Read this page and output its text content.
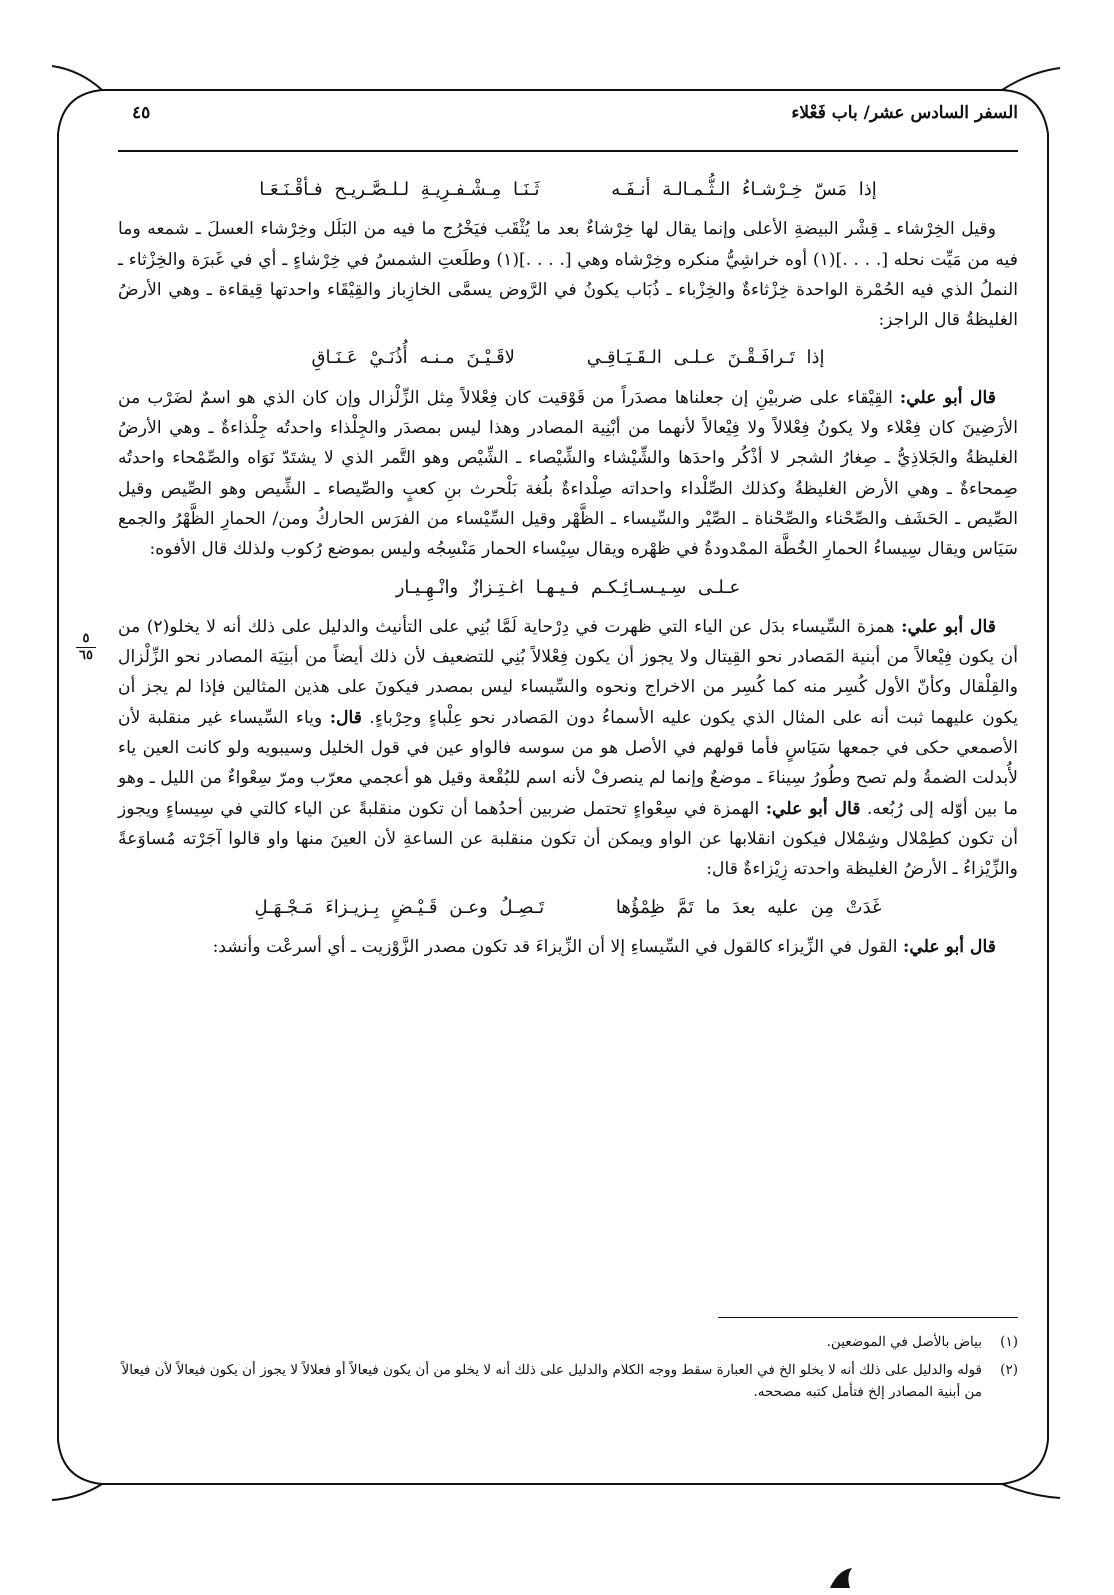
السفر السادس عشر/ باب فَعْلاء
٤٥

إذا مَسّ خِـرْشـاءُ الـثُّـمـالـة أنـفَـه ثَـنَـا مِـشْـفـرِيـةِ لـلـصَّـريـح فـأقْـنَـعَـا

وقيل الخِرْشاء ـ قِشْر البيضةِ الأعلى وإنما يقال لها خِرْشاءٌ بعد ما يُثْقَب فيَخْرُج ما فيه من البَلَل وخِرْشاء العسلَ ـ شمعه وما فيه من مَيِّت نحله [. . . .](١) أوه خراشِيُّ منكره وخِرْشاه وهي [. . . .](١) وطلَعتِ الشمسُ في خِرْشاءٍ ـ أي في غَبرَة والخِزْثاء ـ النملُ الذي فيه الحُمْرة الواحدة خِزْثاءةٌ والخِزْباء ـ ذُبَاب يكونُ في الرَّوض يسمَّى الخازِباز والقِيْقَاء واحدتها قِيقاءة ـ وهي الأرضُ الغليظةُ قال الراجز:

إذا تَـرافَـقْـنَ عـلـى الـقَـيَـاقِـي لاقَـيْـنَ مـنـه أُذُنَـيْ عَـنَـاقِ

قال أبو علي: القِيْقاء على ضربيْنِ إن جعلناها مصدَراً من قَوْقيت كان فِعْلالاً مِثل الزِّلْزال وإن كان الذي هو اسمٌ لضَرْب من الأرَضِينَ كان فِعْلاء ولا يكونُ فِعْلالاً ولا فِيْعالاً لأنهما من أبْنِية المصادر وهذا ليس بمصدَر والجِلْذاء واحدتُه جِلْذاءةٌ ـ وهي الأرضُ الغليظةُ والجَلاذِيُّ ـ صِغارُ الشجر لا أذْكُر واحدَها والشِّيْشاء والشِّيْصاء ـ الشِّيْص وهو التَّمر الذي لا يشتَدّ نَوَاه والصِّمْحاء واحدتُه صِمحاءةٌ ـ وهي الأرض الغليظةُ وكذلك الصِّلْداء واحداته صِلْداءةٌ بلُغة بَلْحرث بنِ كعبٍ والصِّيصاء ـ الشِّيص وهو الصِّيص وقيل الصِّيص ـ الحَشَف والصِّحْناء والصِّحْناة ـ الصِّيْر والسِّيساء ـ الظَّهْر وقيل السِّيْساء من الفرَس الحاركُ ومن/ الحمارِ الظَّهْرُ والجمع سَيَاس ويقال سِيساءُ الحمارِ الخُطَّة الممْدودةُ في ظهْره ويقال سِيْساء الحمار مَنْسِجُه وليس بموضع رُكوب ولذلك قال الأفوه:

عـلـى سِـيـسـائِـكـم فـيـهـا اغـتِـزازٌ وانْـهِـيـار

قال أبو علي: همزة السِّيساء بدَل عن الياء التي ظهرت في دِرْحاية لَمَّا بُنِي على التأنيث والدليل على ذلك أنه لا يخلو(٢) من أن يكون فِيْعالاً من أبنية المَصادر نحو القِيتال ولا يجوز أن يكون فِعْلالاً بُنِي للتضعيف لأن ذلك أيضاً من أبنِيَة المصادر نحو الزِّلْزال والقِلْقال وكأنّ الأول كُسِر منه كما كُسِر من الاخراج ونحوه والسِّيساء ليس بمصدر فيكونَ على هذين المثالين فإذا لم يجز أن يكون عليهما ثبت أنه على المثال الذي يكون عليه الأسماءُ دون المَصادر نحو عِلْباءٍ وحِرْباءٍ. قال: وياء السِّيساء غير منقلبة لأن الأصمعي حكى في جمعها سَيَاسٍ فأما قولهم في الأصل هو من سوسه فالواو عين في قول الخليل وسيبويه ولو كانت العين ياء لأُبدلت الضمةُ ولم تصح وطُورُ سِيناءَ ـ موضعٌ وإنما لم ينصرفْ لأنه اسم للبُقْعة وقيل هو أعجمي معرّب ومرّ سِعْواءٌ من الليل ـ وهو ما بين أوّله إلى رُبُعه. قال أبو علي: الهمزة في سِعْواءٍ تحتمل ضربين أحدُهما أن تكون منقلبةً عن الياء كالتي في سِيساءٍ ويجوز أن تكون كطِمْلال وشِمْلال فيكون انقلابها عن الواو ويمكن أن تكون منقلبة عن الساعةِ لأن العينَ منها واو قالوا آجَرْته مُساوَعةً والزِّيْزاءُ ـ الأرضُ الغليظة واحدته زِيْزاءةٌ قال:

غَدَتْ مِن عليه بعدَ ما تَمَّ ظِمْؤُها تَـصِـلُ وعـن قَـيْـضٍ بِـزيـزاءَ مَـجْـهَـلِ

قال أبو علي: القول في الزِّيزاء كالقول في السِّيساءِ إلا أن الزِّيزاءَ قد تكون مصدر الزَّوْزيت ـ أي أسرعْت وأنشد:

(١)
بياض بالأصل في الموضعين.

(٢)
قوله والدليل على ذلك أنه لا يخلو الخ في العبارة سقط ووجه الكلام والدليل على ذلك أنه لا يخلو من أن يكون فيعالاً أو فعلالاً لا يجوز أن يكون فيعالاً لأن فيعالاً من أبنية المصادر إلخ فتأمل كتبه مصححه.

٥
٦٥
